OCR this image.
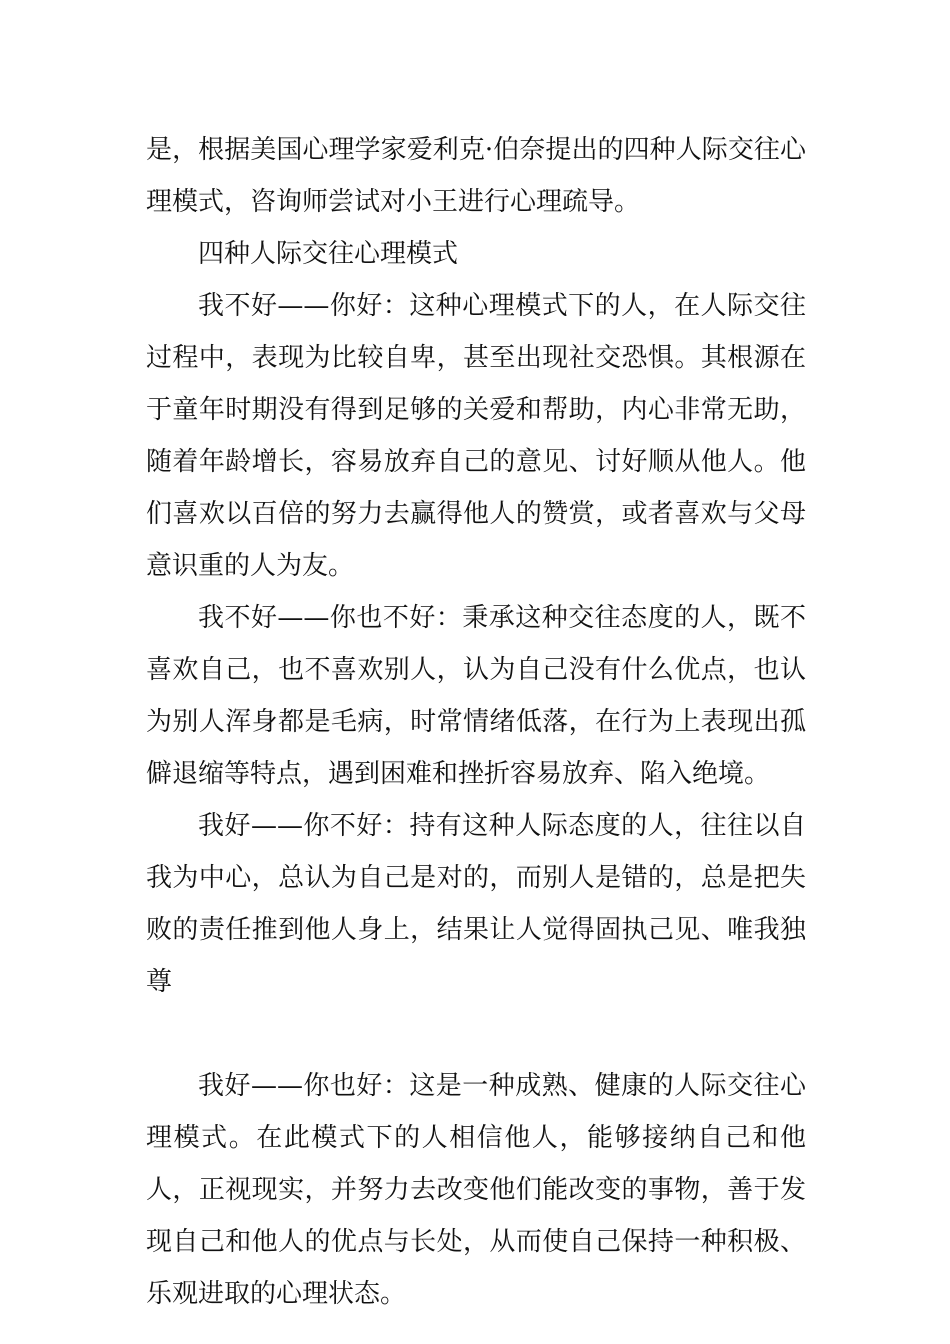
是，根据美国心理学家爱利克·伯奈提出的四种人际交往心理模式，咨询师尝试对小王进行心理疏导。

四种人际交往心理模式

我不好——你好：这种心理模式下的人，在人际交往过程中，表现为比较自卑，甚至出现社交恐惧。其根源在于童年时期没有得到足够的关爱和帮助，内心非常无助，随着年龄增长，容易放弃自己的意见、讨好顺从他人。他们喜欢以百倍的努力去赢得他人的赞赏，或者喜欢与父母意识重的人为友。

我不好——你也不好：秉承这种交往态度的人，既不喜欢自己，也不喜欢别人，认为自己没有什么优点，也认为别人浑身都是毛病，时常情绪低落，在行为上表现出孤僻退缩等特点，遇到困难和挫折容易放弃、陷入绝境。

我好——你不好：持有这种人际态度的人，往往以自我为中心，总认为自己是对的，而别人是错的，总是把失败的责任推到他人身上，结果让人觉得固执己见、唯我独尊

我好——你也好：这是一种成熟、健康的人际交往心理模式。在此模式下的人相信他人，能够接纳自己和他人，正视现实，并努力去改变他们能改变的事物，善于发现自己和他人的优点与长处，从而使自己保持一种积极、乐观进取的心理状态。
